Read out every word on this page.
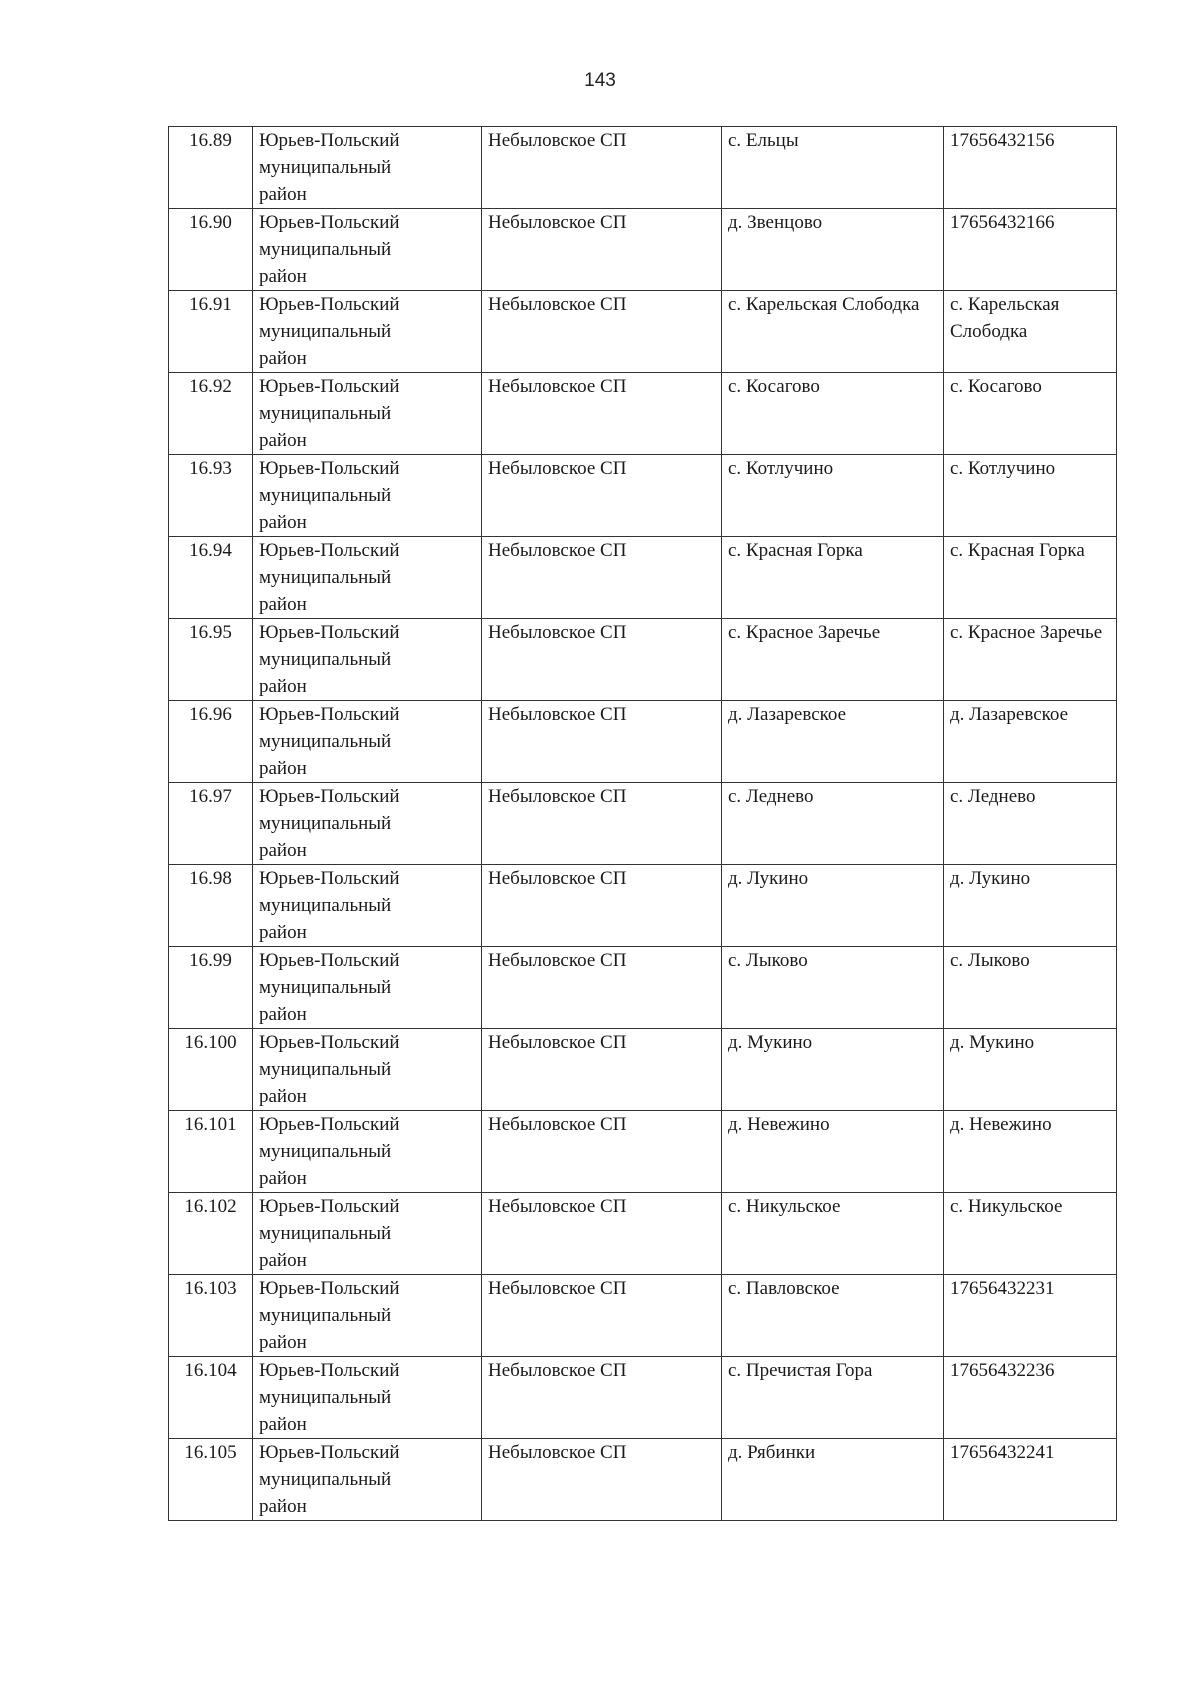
143
16.89	Юрьев-Польский
муниципальный
район	Небыловское СП	с. Ельцы	17656432156
16.90	Юрьев-Польский
муниципальный
район	Небыловское СП	д. Звенцово	17656432166
16.91	Юрьев-Польский
муниципальный
район	Небыловское СП	с. Карельская Слободка	с. Карельская Слободка
16.92	Юрьев-Польский
муниципальный
район	Небыловское СП	с. Косагово	с. Косагово
16.93	Юрьев-Польский
муниципальный
район	Небыловское СП	с. Котлучино	с. Котлучино
16.94	Юрьев-Польский
муниципальный
район	Небыловское СП	с. Красная Горка	с. Красная Горка
16.95	Юрьев-Польский
муниципальный
район	Небыловское СП	с. Красное Заречье	с. Красное Заречье
16.96	Юрьев-Польский
муниципальный
район	Небыловское СП	д. Лазаревское	д. Лазаревское
16.97	Юрьев-Польский
муниципальный
район	Небыловское СП	с. Леднево	с. Леднево
16.98	Юрьев-Польский
муниципальный
район	Небыловское СП	д. Лукино	д. Лукино
16.99	Юрьев-Польский
муниципальный
район	Небыловское СП	с. Лыково	с. Лыково
16.100	Юрьев-Польский
муниципальный
район	Небыловское СП	д. Мукино	д. Мукино
16.101	Юрьев-Польский
муниципальный
район	Небыловское СП	д. Невежино	д. Невежино
16.102	Юрьев-Польский
муниципальный
район	Небыловское СП	с. Никульское	с. Никульское
16.103	Юрьев-Польский
муниципальный
район	Небыловское СП	с. Павловское	17656432231
16.104	Юрьев-Польский
муниципальный
район	Небыловское СП	с. Пречистая Гора	17656432236
16.105	Юрьев-Польский
муниципальный
район	Небыловское СП	д. Рябинки	17656432241
